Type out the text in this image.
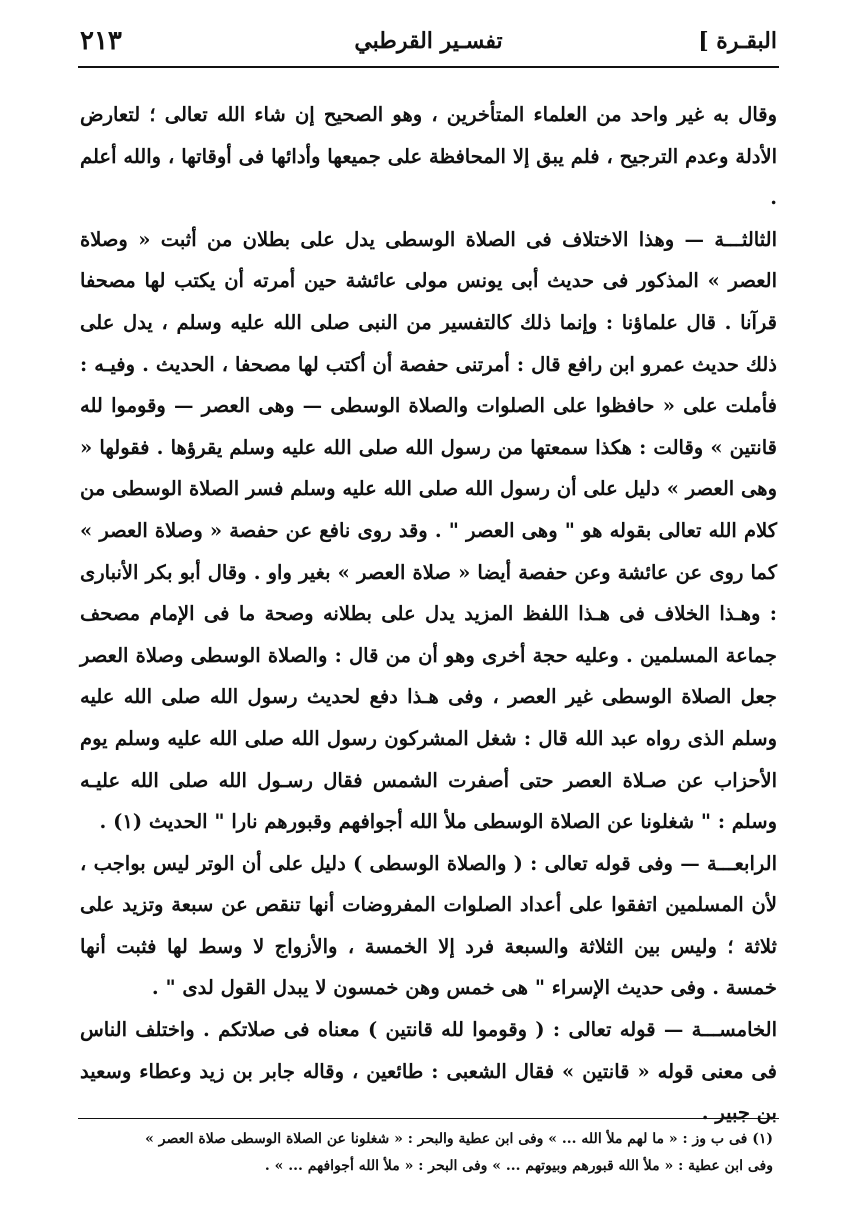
البقـرة ]
تفسـير القرطبي
٢١٣

وقال به غير واحد من العلماء المتأخرين ، وهو الصحيح إن شاء الله تعالى ؛ لتعارض الأدلة وعدم الترجيح ، فلم يبق إلا المحافظة على جميعها وأدائها فى أوقاتها ، والله أعلم .

الثالثـــة — وهذا الاختلاف فى الصلاة الوسطى يدل على بطلان من أثبت « وصلاة العصر » المذكور فى حديث أبى يونس مولى عائشة حين أمرته أن يكتب لها مصحفا قرآنا . قال علماؤنا : وإنما ذلك كالتفسير من النبى صلى الله عليه وسلم ، يدل على ذلك حديث عمرو ابن رافع قال : أمرتنى حفصة أن أكتب لها مصحفا ، الحديث . وفيـه : فأملت على « حافظوا على الصلوات والصلاة الوسطى — وهى العصر — وقوموا لله قانتين » وقالت : هكذا سمعتها من رسول الله صلى الله عليه وسلم يقرؤها . فقولها « وهى العصر » دليل على أن رسول الله صلى الله عليه وسلم فسر الصلاة الوسطى من كلام الله تعالى بقوله هو " وهى العصر " . وقد روى نافع عن حفصة « وصلاة العصر » كما روى عن عائشة وعن حفصة أيضا « صلاة العصر » بغير واو . وقال أبو بكر الأنبارى : وهـذا الخلاف فى هـذا اللفظ المزيد يدل على بطلانه وصحة ما فى الإمام مصحف جماعة المسلمين . وعليه حجة أخرى وهو أن من قال : والصلاة الوسطى وصلاة العصر جعل الصلاة الوسطى غير العصر ، وفى هـذا دفع لحديث رسول الله صلى الله عليه وسلم الذى رواه عبد الله قال : شغل المشركون رسول الله صلى الله عليه وسلم يوم الأحزاب عن صـلاة العصر حتى أصفرت الشمس فقال رسـول الله صلى الله عليـه وسلم : " شغلونا عن الصلاة الوسطى ملأ الله أجوافهم وقبورهم نارا " الحديث (١) .

الرابعـــة — وفى قوله تعالى : ( والصلاة الوسطى ) دليل على أن الوتر ليس بواجب ، لأن المسلمين اتفقوا على أعداد الصلوات المفروضات أنها تنقص عن سبعة وتزيد على ثلاثة ؛ وليس بين الثلاثة والسبعة فرد إلا الخمسة ، والأزواج لا وسط لها فثبت أنها خمسة . وفى حديث الإسراء " هى خمس وهن خمسون لا يبدل القول لدى " .

الخامســـة — قوله تعالى : ( وقوموا لله قانتين ) معناه فى صلاتكم . واختلف الناس فى معنى قوله « قانتين » فقال الشعبى : طائعين ، وقاله جابر بن زيد وعطاء وسعيد بن جبير .

(١) فى ب وز : « ما لهم ملأ الله ... » وفى ابن عطية والبحر : « شغلونا عن الصلاة الوسطى صلاة العصر »

وفى ابن عطية : « ملأ الله قبورهم وبيوتهم ... » وفى البحر : « ملأ الله أجوافهم ... » .
